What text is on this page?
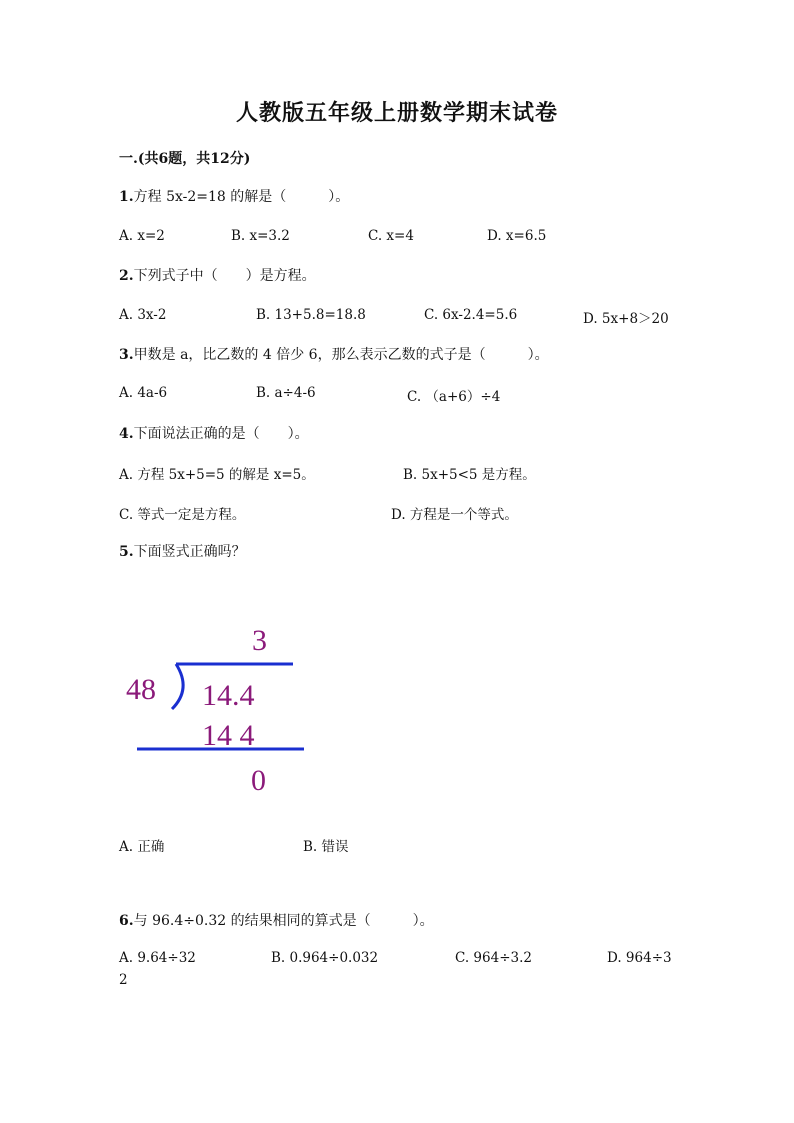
人教版五年级上册数学期末试卷
一.(共6题，共12分)
1.方程 5x-2=18 的解是（　　　）。
A. x=2	B. x=3.2	C. x=4	D. x=6.5
2.下列式子中（　　）是方程。
A. 3x-2	B. 13+5.8=18.8	C. 6x-2.4=5.6	D. 5x+8＞20
3.甲数是 a，比乙数的 4 倍少 6，那么表示乙数的式子是（　　　）。
A. 4a-6	B. a÷4-6	C. （a+6）÷4
4.下面说法正确的是（　　）。
A. 方程 5x+5=5 的解是 x=5。	B. 5x+5<5 是方程。
C. 等式一定是方程。	D. 方程是一个等式。
5.下面竖式正确吗？
3
48 14.4
14 4
0
A. 正确	B. 错误
6.与 96.4÷0.32 的结果相同的算式是（　　　）。
A. 9.64÷32	B. 0.964÷0.032	C. 964÷3.2	D. 964÷3
2
